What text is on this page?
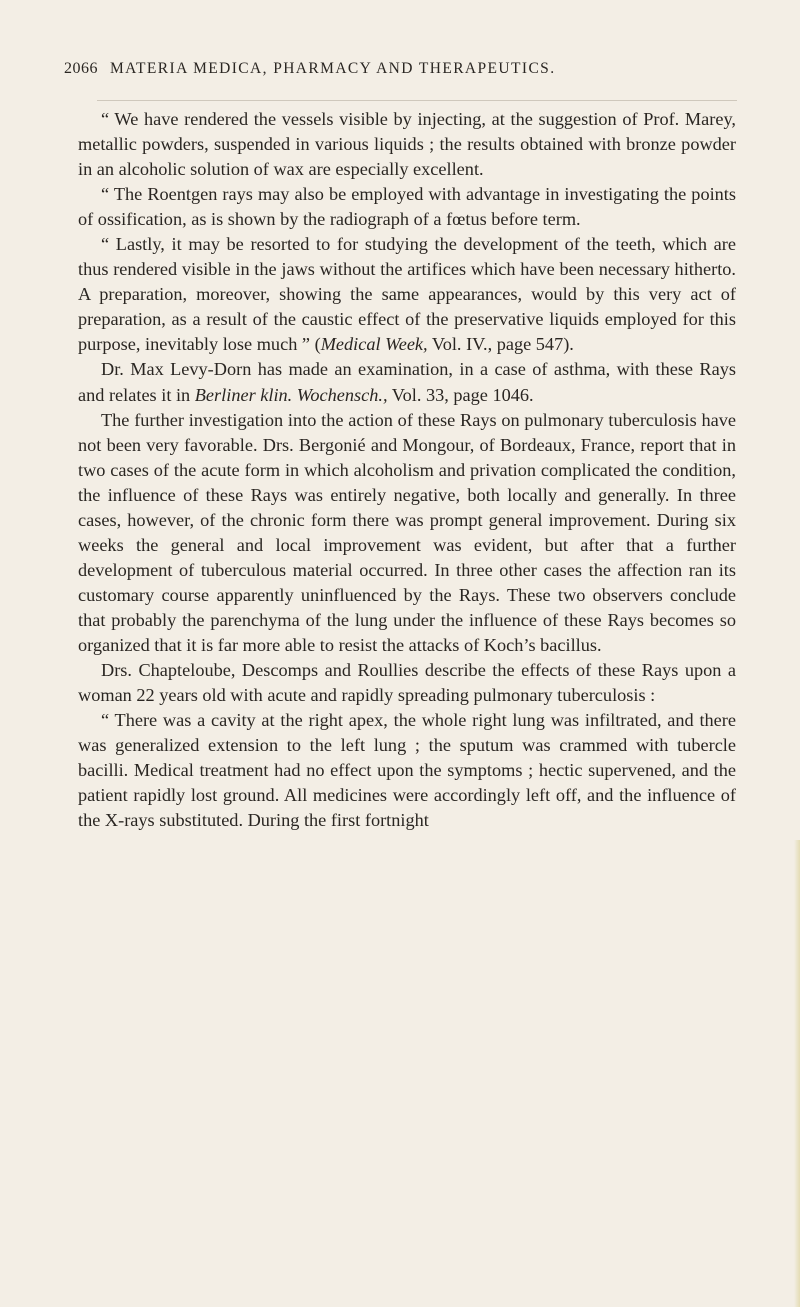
2066 MATERIA MEDICA, PHARMACY AND THERAPEUTICS.

“ We have rendered the vessels visible by injecting, at the suggestion of Prof. Marey, metallic powders, suspended in various liquids ; the results obtained with bronze powder in an alcoholic solution of wax are especially excellent.

“ The Roentgen rays may also be employed with advantage in investigating the points of ossification, as is shown by the radiograph of a fœtus before term.

“ Lastly, it may be resorted to for studying the development of the teeth, which are thus rendered visible in the jaws without the artifices which have been necessary hitherto. A preparation, moreover, showing the same appearances, would by this very act of preparation, as a result of the caustic effect of the preservative liquids employed for this purpose, inevitably lose much ” (Medical Week, Vol. IV., page 547).

Dr. Max Levy-Dorn has made an examination, in a case of asthma, with these Rays and relates it in Berliner klin. Wochensch., Vol. 33, page 1046.

The further investigation into the action of these Rays on pulmonary tuberculosis have not been very favorable. Drs. Bergonié and Mongour, of Bordeaux, France, report that in two cases of the acute form in which alcoholism and privation complicated the condition, the influence of these Rays was entirely negative, both locally and generally. In three cases, however, of the chronic form there was prompt general improvement. During six weeks the general and local improvement was evident, but after that a further development of tuberculous material occurred. In three other cases the affection ran its customary course apparently uninfluenced by the Rays. These two observers conclude that probably the parenchyma of the lung under the influence of these Rays becomes so organized that it is far more able to resist the attacks of Koch’s bacillus.

Drs. Chapteloube, Descomps and Roullies describe the effects of these Rays upon a woman 22 years old with acute and rapidly spreading pulmonary tuberculosis :

“ There was a cavity at the right apex, the whole right lung was infiltrated, and there was generalized extension to the left lung ; the sputum was crammed with tubercle bacilli. Medical treatment had no effect upon the symptoms ; hectic supervened, and the patient rapidly lost ground. All medicines were accordingly left off, and the influence of the X-rays substituted. During the first fortnight
